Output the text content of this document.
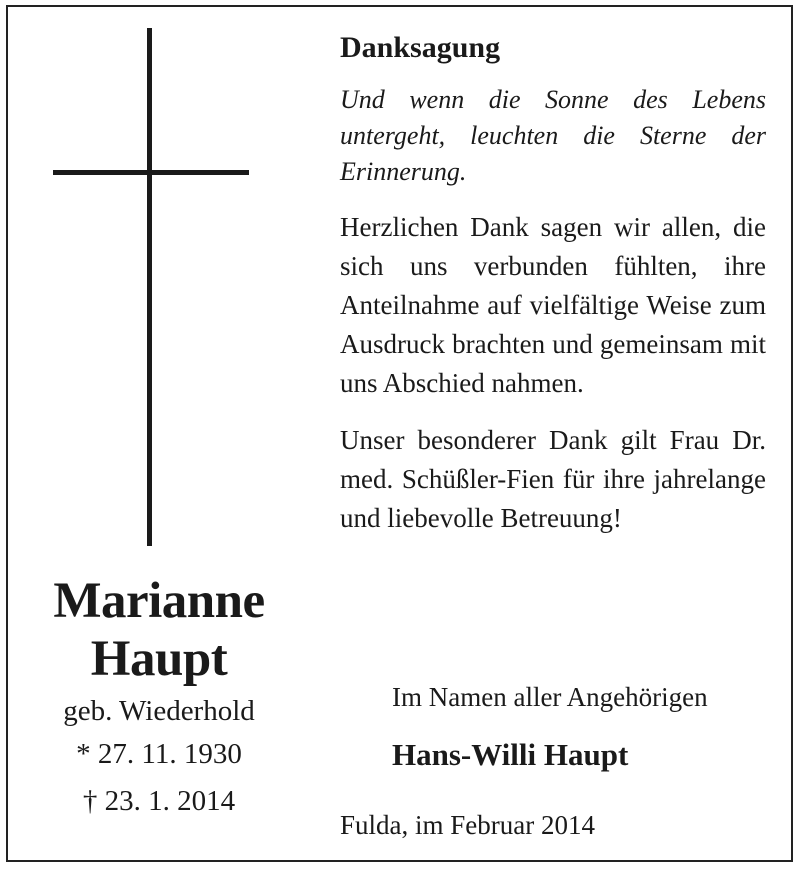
Marianne
Haupt
geb. Wiederhold
* 27. 11. 1930
† 23. 1. 2014
Danksagung
Und wenn die Sonne des Lebens untergeht, leuchten die Sterne der Erinnerung.
Herzlichen Dank sagen wir allen, die sich uns verbunden fühlten, ihre Anteilnahme auf vielfältige Weise zum Ausdruck brachten und gemeinsam mit uns Abschied nahmen.
Unser besonderer Dank gilt Frau Dr. med. Schüßler-Fien für ihre jahrelange und liebevolle Betreuung!
Im Namen aller Angehörigen
Hans-Willi Haupt
Fulda, im Februar 2014
